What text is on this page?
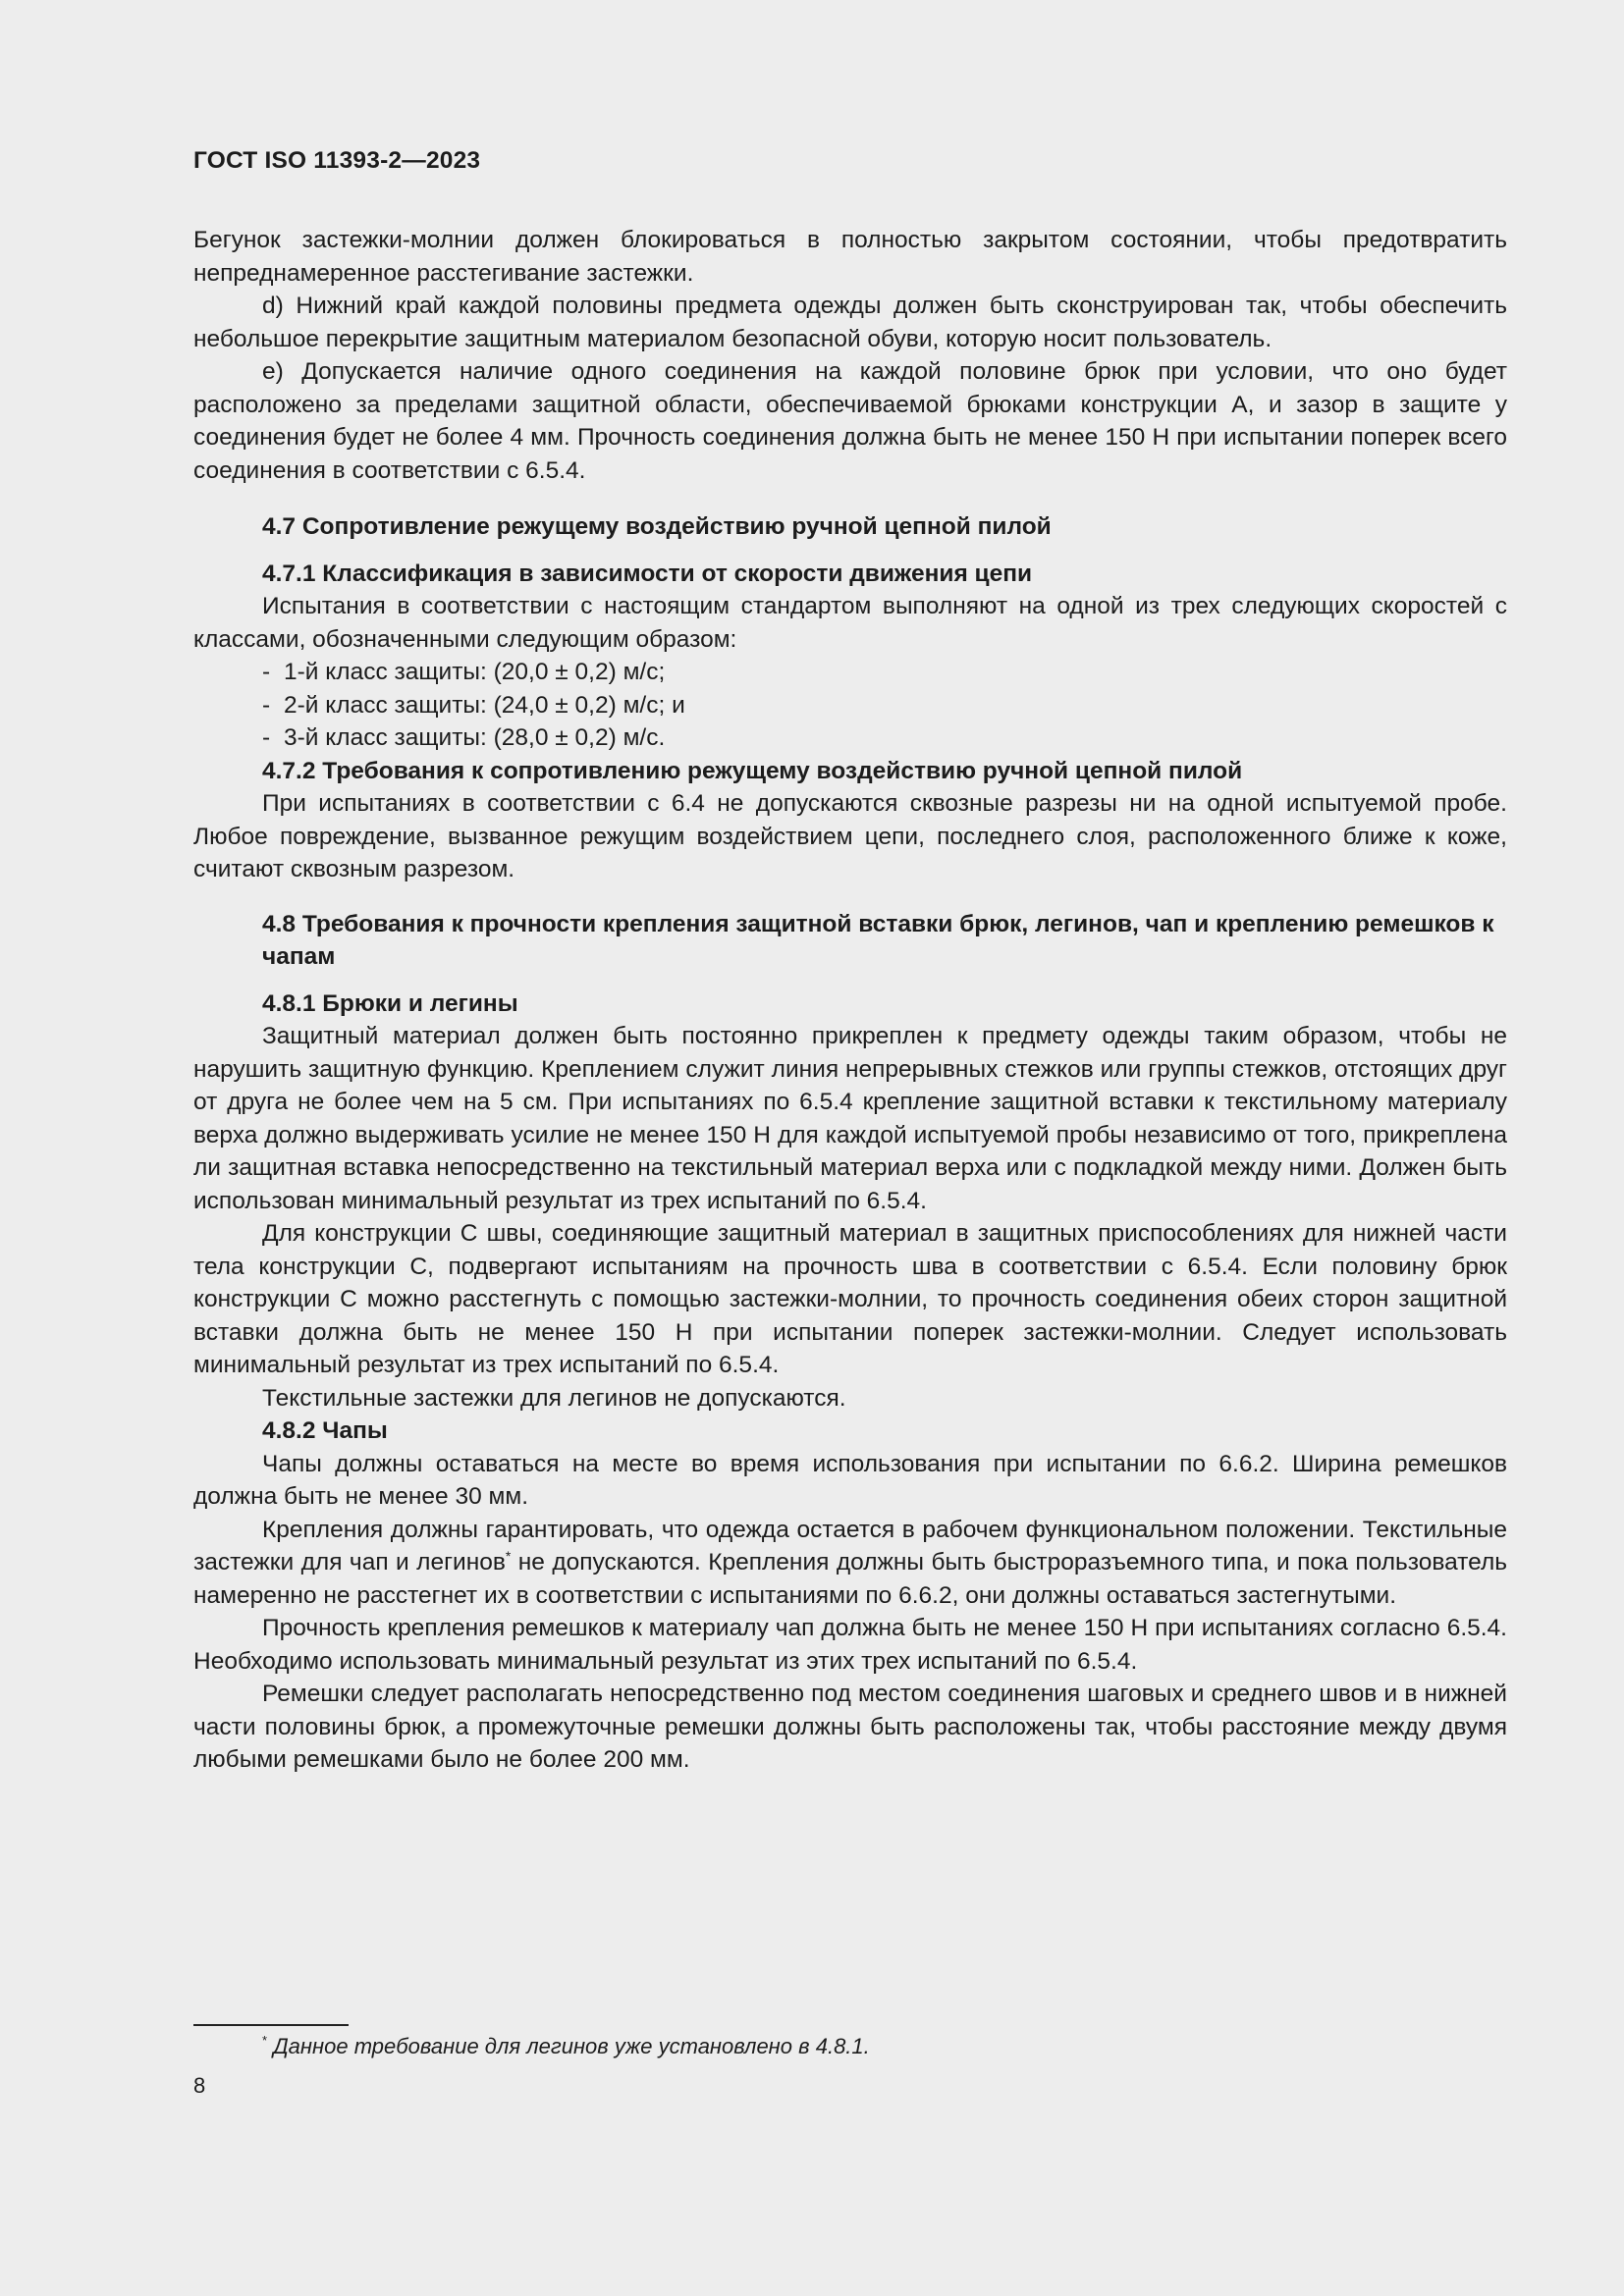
ГОСТ ISO 11393-2—2023

Бегунок застежки-молнии должен блокироваться в полностью закрытом состоянии, чтобы предотвратить непреднамеренное расстегивание застежки.

d) Нижний край каждой половины предмета одежды должен быть сконструирован так, чтобы обеспечить небольшое перекрытие защитным материалом безопасной обуви, которую носит пользователь.

е) Допускается наличие одного соединения на каждой половине брюк при условии, что оно будет расположено за пределами защитной области, обеспечиваемой брюками конструкции А, и зазор в защите у соединения будет не более 4 мм. Прочность соединения должна быть не менее 150 Н при испытании поперек всего соединения в соответствии с 6.5.4.

4.7 Сопротивление режущему воздействию ручной цепной пилой

4.7.1 Классификация в зависимости от скорости движения цепи

Испытания в соответствии с настоящим стандартом выполняют на одной из трех следующих скоростей с классами, обозначенными следующим образом:

- 1-й класс защиты: (20,0 ± 0,2) м/с;

- 2-й класс защиты: (24,0 ± 0,2) м/с; и

- 3-й класс защиты: (28,0 ± 0,2) м/с.

4.7.2 Требования к сопротивлению режущему воздействию ручной цепной пилой

При испытаниях в соответствии с 6.4 не допускаются сквозные разрезы ни на одной испытуемой пробе. Любое повреждение, вызванное режущим воздействием цепи, последнего слоя, расположенного ближе к коже, считают сквозным разрезом.

4.8 Требования к прочности крепления защитной вставки брюк, легинов, чап и креплению ремешков к чапам

4.8.1 Брюки и легины

Защитный материал должен быть постоянно прикреплен к предмету одежды таким образом, чтобы не нарушить защитную функцию. Креплением служит линия непрерывных стежков или группы стежков, отстоящих друг от друга не более чем на 5 см. При испытаниях по 6.5.4 крепление защитной вставки к текстильному материалу верха должно выдерживать усилие не менее 150 Н для каждой испытуемой пробы независимо от того, прикреплена ли защитная вставка непосредственно на текстильный материал верха или с подкладкой между ними. Должен быть использован минимальный результат из трех испытаний по 6.5.4.

Для конструкции С швы, соединяющие защитный материал в защитных приспособлениях для нижней части тела конструкции С, подвергают испытаниям на прочность шва в соответствии с 6.5.4. Если половину брюк конструкции С можно расстегнуть с помощью застежки-молнии, то прочность соединения обеих сторон защитной вставки должна быть не менее 150 Н при испытании поперек застежки-молнии. Следует использовать минимальный результат из трех испытаний по 6.5.4.

Текстильные застежки для легинов не допускаются.

4.8.2 Чапы

Чапы должны оставаться на месте во время использования при испытании по 6.6.2. Ширина ремешков должна быть не менее 30 мм.

Крепления должны гарантировать, что одежда остается в рабочем функциональном положении. Текстильные застежки для чап и легинов* не допускаются. Крепления должны быть быстроразъемного типа, и пока пользователь намеренно не расстегнет их в соответствии с испытаниями по 6.6.2, они должны оставаться застегнутыми.

Прочность крепления ремешков к материалу чап должна быть не менее 150 Н при испытаниях согласно 6.5.4. Необходимо использовать минимальный результат из этих трех испытаний по 6.5.4.

Ремешки следует располагать непосредственно под местом соединения шаговых и среднего швов и в нижней части половины брюк, а промежуточные ремешки должны быть расположены так, чтобы расстояние между двумя любыми ремешками было не более 200 мм.

* Данное требование для легинов уже установлено в 4.8.1.

8
